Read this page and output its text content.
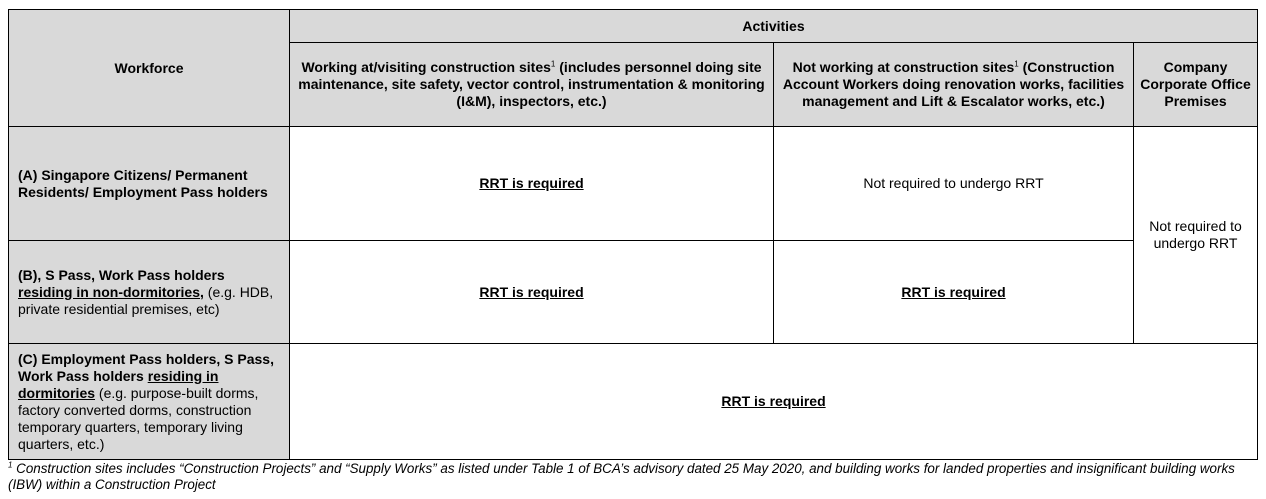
Workforce	Activities		
	Working at/visiting construction sites$^1$ (includes personnel doing site maintenance, site safety, vector control, instrumentation & monitoring (I&M), inspectors, etc.)	Not working at construction sites$^1$ (Construction Account Workers doing renovation works, facilities management and Lift & Escalator works, etc.)	Company Corporate Office Premises
(A) Singapore Citizens/ Permanent Residents/ Employment Pass holders	RRT is required	Not required to undergo RRT	Not required to undergo RRT
(B), S Pass, Work Pass holders residing in non-dormitories, (e.g. HDB, private residential premises, etc)	RRT is required	RRT is required	
(C) Employment Pass holders, S Pass, Work Pass holders residing in dormitories (e.g. purpose-built dorms, factory converted dorms, construction temporary quarters, temporary living quarters, etc.)	RRT is required		
$^1$ Construction sites includes “Construction Projects” and “Supply Works” as listed under Table 1 of BCA’s advisory dated 25 May 2020, and building works for landed properties and insignificant building works (IBW) within a Construction Project
